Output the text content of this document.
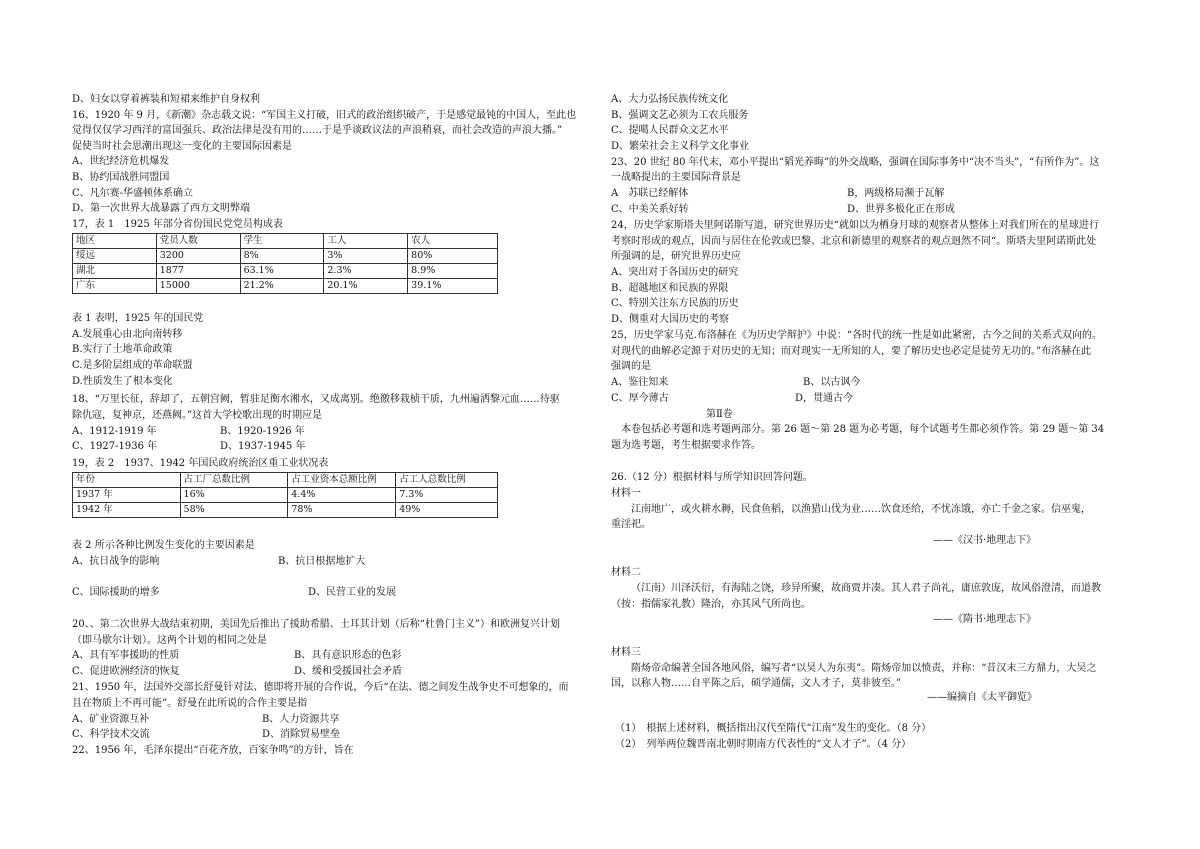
D、妇女以穿着裤装和短裙来维护自身权利
16、1920 年 9 月，《新潮》杂志载文说：“军国主义打破，旧式的政治组织破产，于是感觉最钝的中国人，至此也
觉得仅仅学习西洋的富国强兵、政治法律是没有用的……于是乎谈政议法的声浪稍衰，而社会改造的声浪大播。”
促使当时社会思潮出现这一变化的主要国际因素是
A、世纪经济危机爆发
B、协约国战胜同盟国
C、凡尔赛-华盛顿体系确立
D、第一次世界大战暴露了西方文明弊端
17，表 1　1925 年部分省份国民党党员构成表
地区	党员人数	学生	工人	农人
绥远	3200	8%	3%	80%
湖北	1877	63.1%	2.3%	8.9%
广东	15000	21.2%	20.1%	39.1%
表 1 表明，1925 年的国民党
A.发展重心由北向南转移
B.实行了土地革命政策
C.是多阶层组成的革命联盟
D.性质发生了根本变化
18、“万里长征，辞却了，五朝宫阙，暂驻足衡水湘水，又成离别。绝徼移栽桢干质，九州遍洒黎元血……待驱
除仇寇，复神京，还燕阙。”这首大学校歌出现的时期应是
A、1912-1919 年	B、1920-1926 年
C、1927-1936 年	D、1937-1945 年
19，表 2　1937、1942 年国民政府统治区重工业状况表
年份	占工厂总数比例	占工业资本总额比例	占工人总数比例
1937 年	16%	4.4%	7.3%
1942 年	58%	78%	49%
表 2 所示各种比例发生变化的主要因素是
A、抗日战争的影响	B、抗日根据地扩大
C、国际援助的增多	D、民营工业的发展
20、、第二次世界大战结束初期，美国先后推出了援助希腊、土耳其计划（后称“杜鲁门主义”）和欧洲复兴计划
（即马歇尔计划）。这两个计划的相同之处是
A、具有军事援助的性质	B、具有意识形态的色彩
C、促进欧洲经济的恢复	D、缓和受援国社会矛盾
21、1950 年，法国外交部长舒曼针对法、德即将开展的合作说，今后“在法、德之间发生战争史不可想象的，而
且在物质上不再可能”。舒曼在此所说的合作主要是指
A、矿业资源互补	B、人力资源共享
C、科学技术交流	D、消除贸易壁垒
22、1956 年，毛泽东提出“百花齐放，百家争鸣”的方针，旨在
A、大力弘扬民族传统文化
B、强调文艺必须为工农兵服务
C、提噶人民群众文艺水平
D、繁荣社会主义科学文化事业
23、20 世纪 80 年代末，邓小平提出“韬光养晦”的外交战略，强调在国际事务中“决不当头”，“有所作为”。这
一战略提出的主要国际背景是
A　苏联已经解体	B，两级格局濒于瓦解
C、中美关系好转	D、世界多极化正在形成
24，历史学家斯塔夫里阿诺斯写道，研究世界历史“就如以为栖身月球的观察者从整体上对我们所在的星球进行
考察时形成的观点，因而与居住在伦敦或巴黎、北京和新德里的观察者的观点迥然不同“。斯塔夫里阿诺斯此处
所强调的是，研究世界历史应
A、突出对于各国历史的研究
B、超越地区和民族的界限
C、特别关注东方民族的历史
D、侧重对大国历史的考察
25，历史学家马克.布洛赫在《为历史学辩护》中说：“各时代的统一性是如此紧密，古今之间的关系式双向的。
对现代的曲解必定源于对历史的无知；而对现实一无所知的人，要了解历史也必定是徒劳无功的。”布洛赫在此
强调的是
A、鉴往知来	B、以古讽今
C、厚今薄古	D，贯通古今
第Ⅱ卷
本卷包括必考题和选考题两部分。第 26 题～第 28 题为必考题，每个试题考生都必须作答。第 29 题～第 34
题为选考题，考生根据要求作答。
26.（12 分）根据材料与所学知识回答问题。
材料一
江南地广，或火耕水耨，民食鱼稻，以渔猎山伐为业……饮食还给，不忧冻饿，亦亡千金之家。信巫鬼，
重淫祀。
——《汉书·地理志下》
材料二
（江南）川泽沃衍，有海陆之饶，珍异所聚，故商贾并凑。其人君子尚礼，庸庶敦庞，故风俗澄清，而道教
（按：指儒家礼教）隆治，亦其风气所尚也。
——《隋书·地理志下》
材料三
隋炀帝命编著全国各地风俗，编写者“以吴人为东夷”。隋炀帝加以愤责，并称：“昔汉末三方鼎力，大吴之
国，以称人物……自平陈之后，硕学通儒，文人才子，莫非彼至。”
——编摘自《太平御览》
（1）　根据上述材料，概括指出汉代至隋代“江南”发生的变化。（8 分）
（2）　列举两位魏晋南北朝时期南方代表性的“文人才子”。（4 分）
